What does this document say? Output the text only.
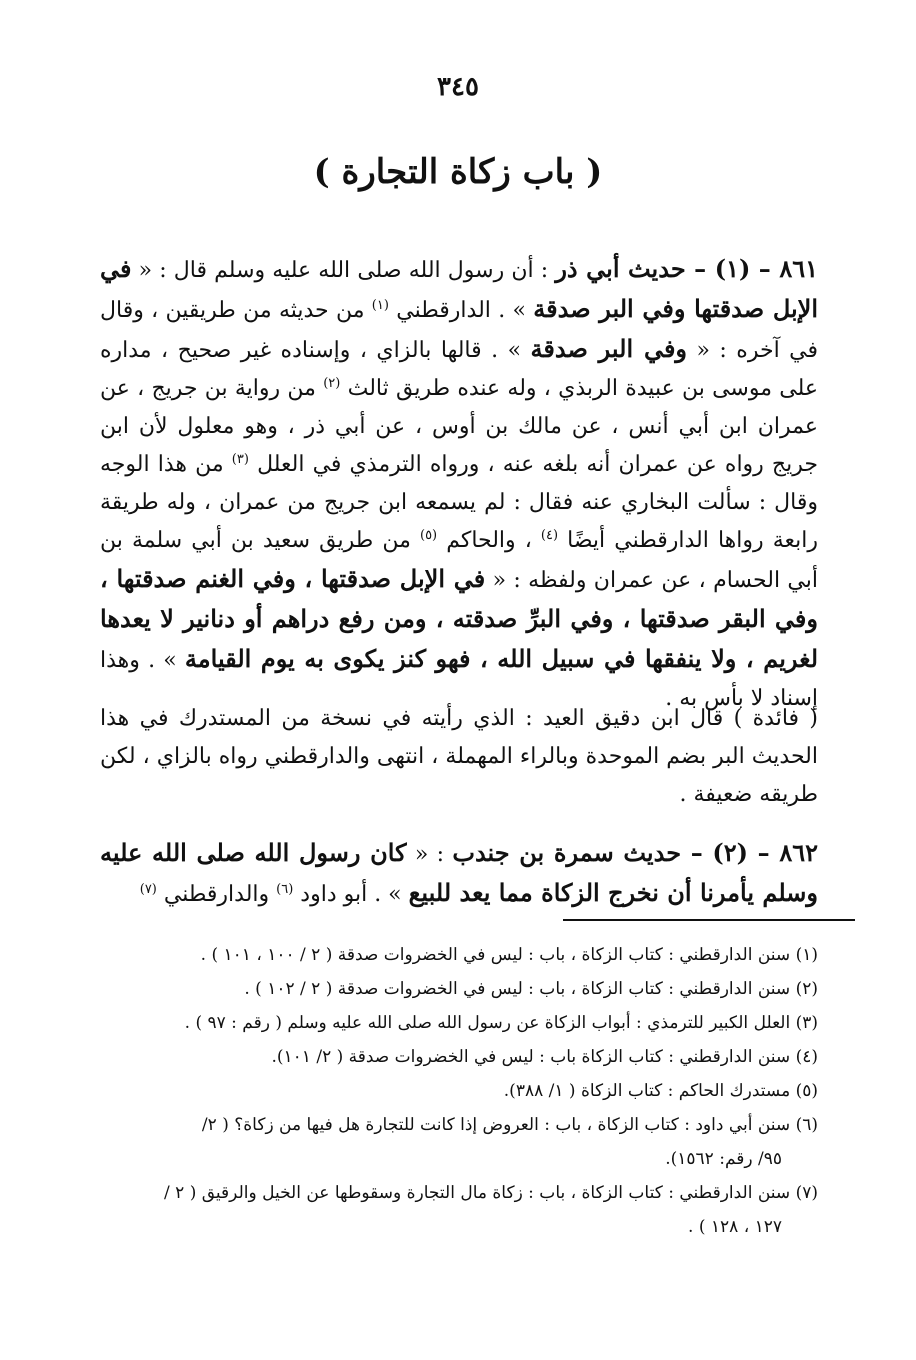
٣٤٥
( باب زكاة التجارة )

٨٦١ – (١) – حديث أبي ذر : أن رسول الله صلى الله عليه وسلم قال : « في الإبل صدقتها وفي البر صدقة » . الدارقطني $^{(١)}$ من حديثه من طريقين ، وقال في آخره : « وفي البر صدقة » . قالها بالزاي ، وإسناده غير صحيح ، مداره على موسى بن عبيدة الربذي ، وله عنده طريق ثالث $^{(٢)}$ من رواية بن جريج ، عن عمران ابن أبي أنس ، عن مالك بن أوس ، عن أبي ذر ، وهو معلول لأن ابن جريج رواه عن عمران أنه بلغه عنه ، ورواه الترمذي في العلل $^{(٣)}$ من هذا الوجه وقال : سألت البخاري عنه فقال : لم يسمعه ابن جريج من عمران ، وله طريقة رابعة رواها الدارقطني أيضًا $^{(٤)}$ ، والحاكم $^{(٥)}$ من طريق سعيد بن أبي سلمة بن أبي الحسام ، عن عمران ولفظه : « في الإبل صدقتها ، وفي الغنم صدقتها ، وفي البقر صدقتها ، وفي البرِّ صدقته ، ومن رفع دراهم أو دنانير لا يعدها لغريم ، ولا ينفقها في سبيل الله ، فهو كنز يكوى به يوم القيامة » . وهذا إسناد لا بأس به .

( فائدة ) قال ابن دقيق العيد : الذي رأيته في نسخة من المستدرك في هذا الحديث البر بضم الموحدة وبالراء المهملة ، انتهى والدارقطني رواه بالزاي ، لكن طريقه ضعيفة .

٨٦٢ – (٢) – حديث سمرة بن جندب : « كان رسول الله صلى الله عليه وسلم يأمرنا أن نخرج الزكاة مما يعد للبيع » . أبو داود $^{(٦)}$ والدارقطني $^{(٧)}$

(١) سنن الدارقطني : كتاب الزكاة ، باب : ليس في الخضروات صدقة ( ٢ / ١٠٠ ، ١٠١ ) .

(٢) سنن الدارقطني : كتاب الزكاة ، باب : ليس في الخضروات صدقة ( ٢ / ١٠٢ ) .

(٣) العلل الكبير للترمذي : أبواب الزكاة عن رسول الله صلى الله عليه وسلم ( رقم : ٩٧ ) .

(٤) سنن الدارقطني : كتاب الزكاة باب : ليس في الخضروات صدقة ( ٢/ ١٠١).

(٥) مستدرك الحاكم : كتاب الزكاة ( ١/ ٣٨٨).

(٦) سنن أبي داود : كتاب الزكاة ، باب : العروض إذا كانت للتجارة هل فيها من زكاة؟ ( ٢/
٩٥/ رقم: ١٥٦٢).

(٧) سنن الدارقطني : كتاب الزكاة ، باب : زكاة مال التجارة وسقوطها عن الخيل والرقيق ( ٢ /
١٢٧ ، ١٢٨ ) .
